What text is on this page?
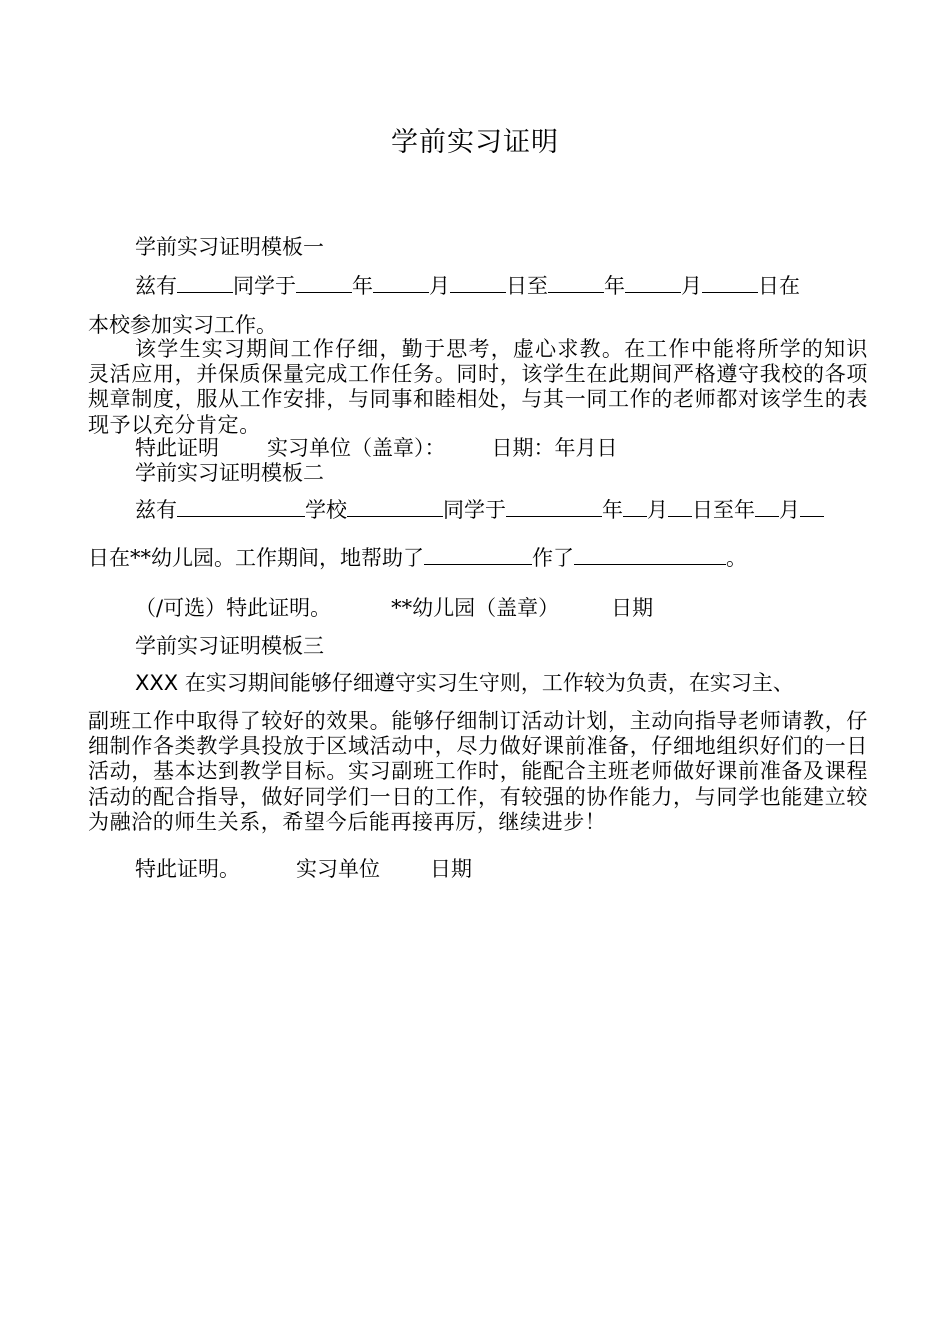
学前实习证明
学前实习证明模板一
兹有	同学于	年	月	日至	年	月	日在
本校参加实习工作。
该学生实习期间工作仔细，勤于思考，虚心求教。在工作中能将所学的知识灵活应用，并保质保量完成工作任务。同时，该学生在此期间严格遵守我校的各项规章制度，服从工作安排，与同事和睦相处，与其一同工作的老师都对该学生的表现予以充分肯定。
特此证明 实习单位（盖章）： 日期：年月日
学前实习证明模板二
兹有	学校	同学于	年 月 日至年 月
日在**幼儿园。工作期间，地帮助了	作了	。
（/可选）特此证明。	**幼儿园（盖章） 日期
学前实习证明模板三
XXX 在实习期间能够仔细遵守实习生守则，工作较为负责，在实习主、
副班工作中取得了较好的效果。能够仔细制订活动计划，主动向指导老师请教，仔细制作各类教学具投放于区域活动中，尽力做好课前准备，仔细地组织好们的一日活动，基本达到教学目标。实习副班工作时，能配合主班老师做好课前准备及课程活动的配合指导，做好同学们一日的工作，有较强的协作能力，与同学也能建立较为融洽的师生关系，希望今后能再接再厉，继续进步！
特此证明。	实习单位 日期
